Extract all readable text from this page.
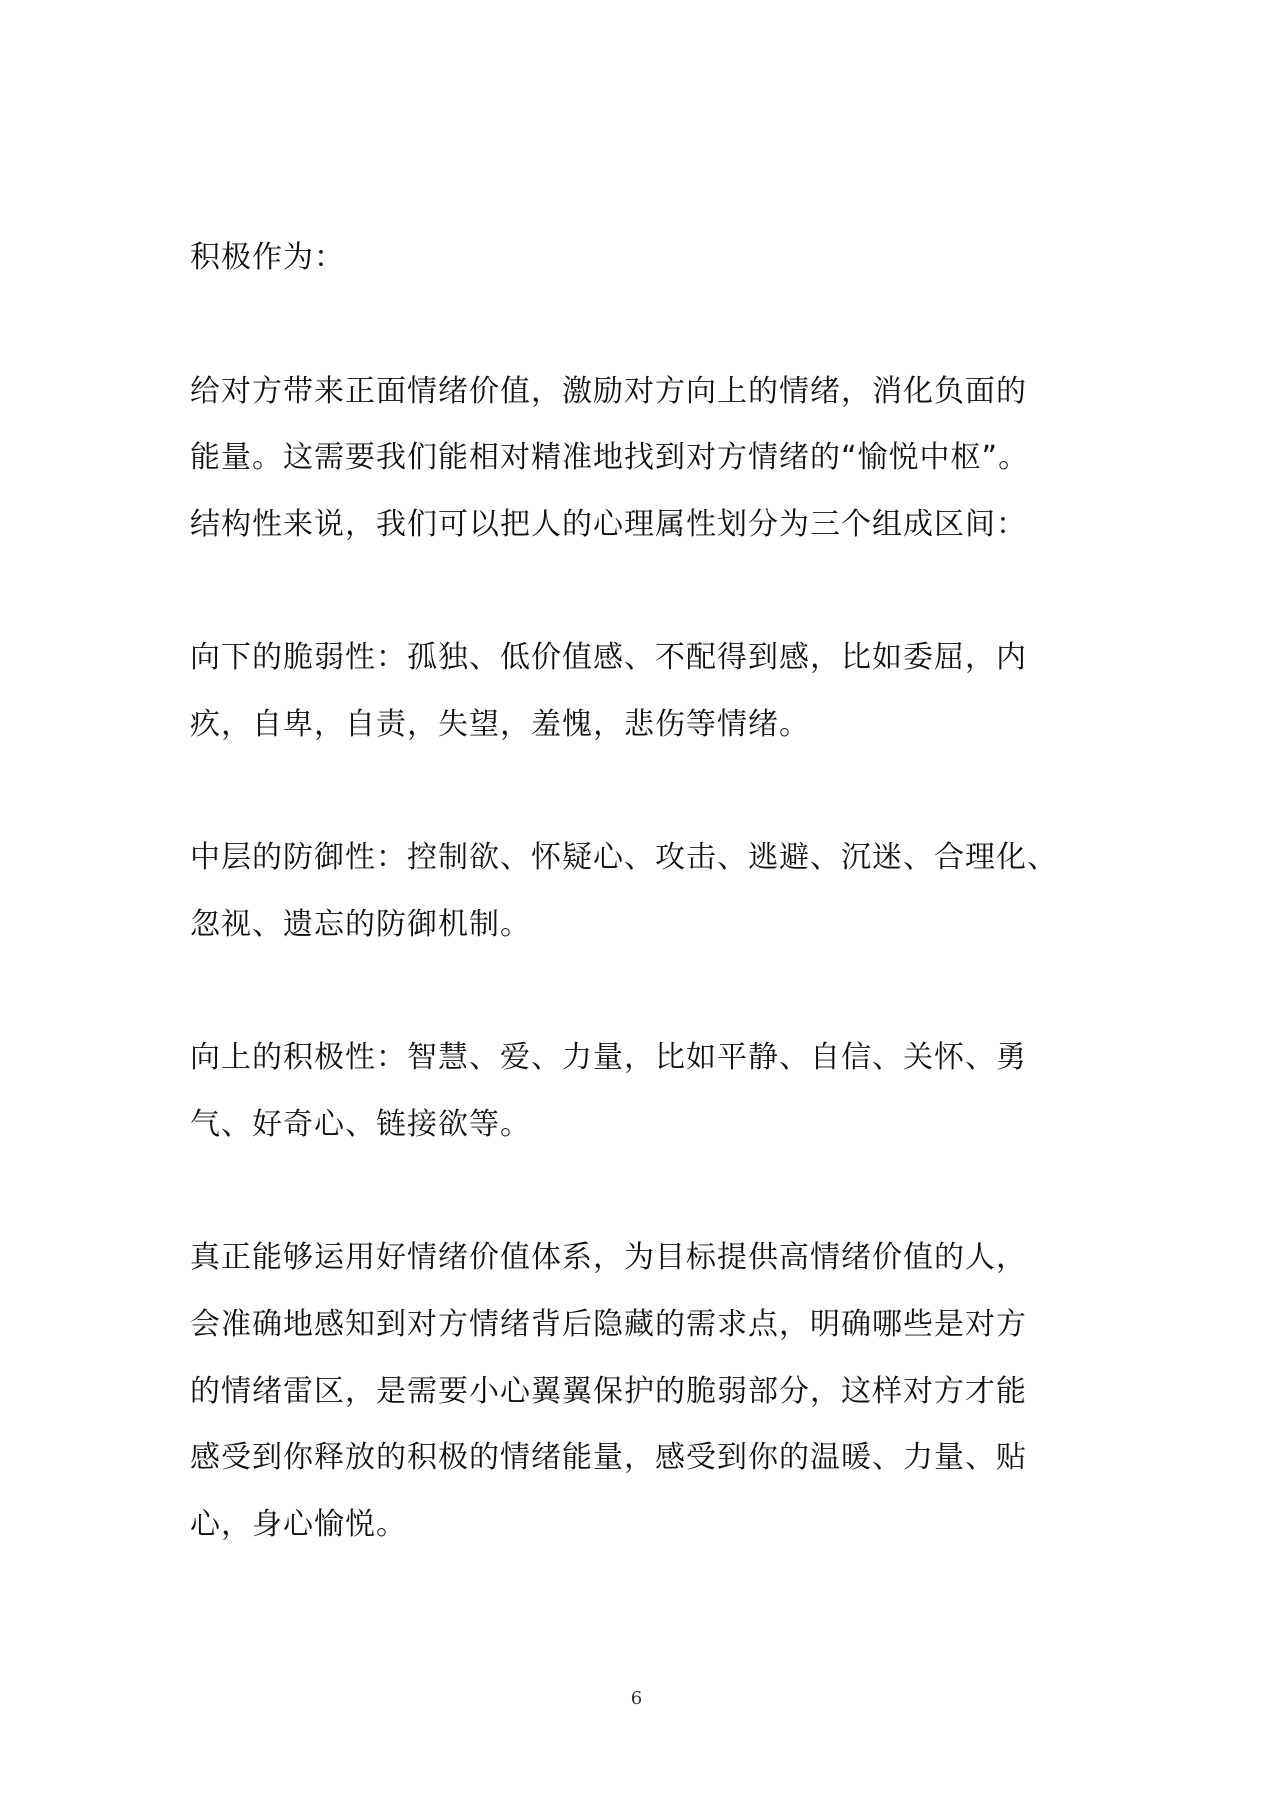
积极作为：
给对方带来正面情绪价值，激励对方向上的情绪，消化负面的
能量。这需要我们能相对精准地找到对方情绪的“愉悦中枢”。
结构性来说，我们可以把人的心理属性划分为三个组成区间：
向下的脆弱性：孤独、低价值感、不配得到感，比如委屈，内
疚，自卑，自责，失望，羞愧，悲伤等情绪。
中层的防御性：控制欲、怀疑心、攻击、逃避、沉迷、合理化、
忽视、遗忘的防御机制。
向上的积极性：智慧、爱、力量，比如平静、自信、关怀、勇
气、好奇心、链接欲等。
真正能够运用好情绪价值体系，为目标提供高情绪价值的人，
会准确地感知到对方情绪背后隐藏的需求点，明确哪些是对方
的情绪雷区，是需要小心翼翼保护的脆弱部分，这样对方才能
感受到你释放的积极的情绪能量，感受到你的温暖、力量、贴
心，身心愉悦。
6
